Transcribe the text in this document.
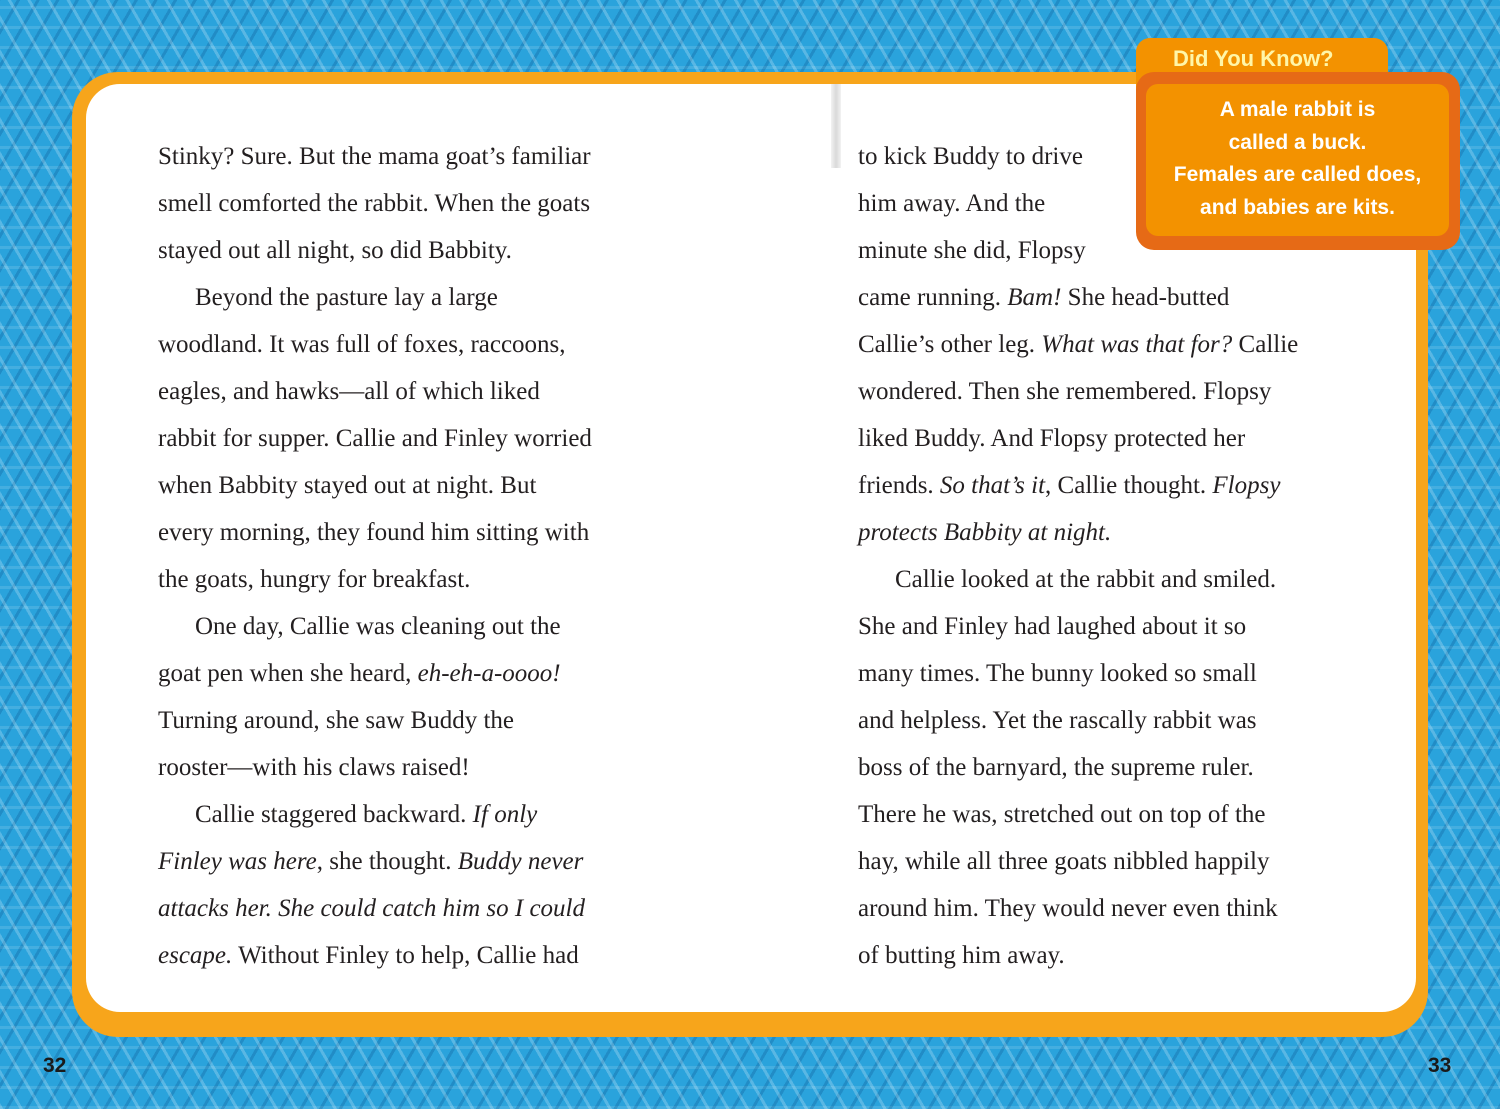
Stinky? Sure. But the mama goat’s familiar
smell comforted the rabbit. When the goats
stayed out all night, so did Babbity.
Beyond the pasture lay a large
woodland. It was full of foxes, raccoons,
eagles, and hawks—all of which liked
rabbit for supper. Callie and Finley worried
when Babbity stayed out at night. But
every morning, they found him sitting with
the goats, hungry for breakfast.
One day, Callie was cleaning out the
goat pen when she heard, eh-eh-a-oooo!
Turning around, she saw Buddy the
rooster—with his claws raised!
Callie staggered backward. If only
Finley was here, she thought. Buddy never
attacks her. She could catch him so I could
escape. Without Finley to help, Callie had
to kick Buddy to drive
him away. And the
minute she did, Flopsy
came running. Bam! She head-butted
Callie’s other leg. What was that for? Callie
wondered. Then she remembered. Flopsy
liked Buddy. And Flopsy protected her
friends. So that’s it, Callie thought. Flopsy
protects Babbity at night.
Callie looked at the rabbit and smiled.
She and Finley had laughed about it so
many times. The bunny looked so small
and helpless. Yet the rascally rabbit was
boss of the barnyard, the supreme ruler.
There he was, stretched out on top of the
hay, while all three goats nibbled happily
around him. They would never even think
of butting him away.
Did You Know?
A male rabbit is
called a buck.
Females are called does,
and babies are kits.
32	33
